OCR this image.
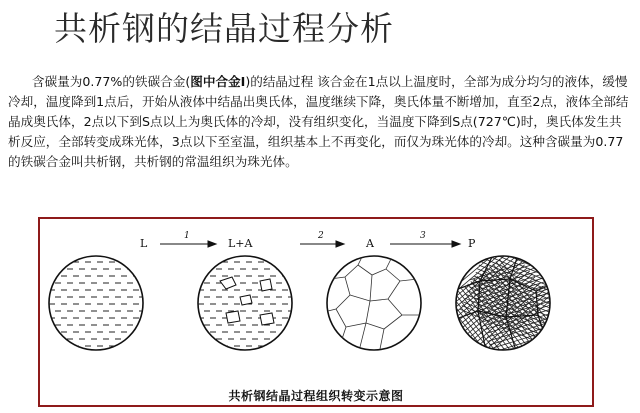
共析钢的结晶过程分析
含碳量为0.77%的铁碳合金(图中合金Ⅰ)的结晶过程 该合金在1点以上温度时，全部为成分均匀的液体，缓慢冷却，温度降到1点后，开始从液体中结晶出奥氏体，温度继续下降，奥氏体量不断增加，直至2点，液体全部结晶成奥氏体，2点以下到S点以上为奥氏体的冷却，没有组织变化，当温度下降到S点(727℃)时，奥氏体发生共析反应，全部转变成珠光体，3点以下至室温，组织基本上不再变化，而仅为珠光体的冷却。这种含碳量为0.77的铁碳合金叫共析钢，共析钢的常温组织为珠光体。
L	L+A	A	P
1	2	3
共析钢结晶过程组织转变示意图
